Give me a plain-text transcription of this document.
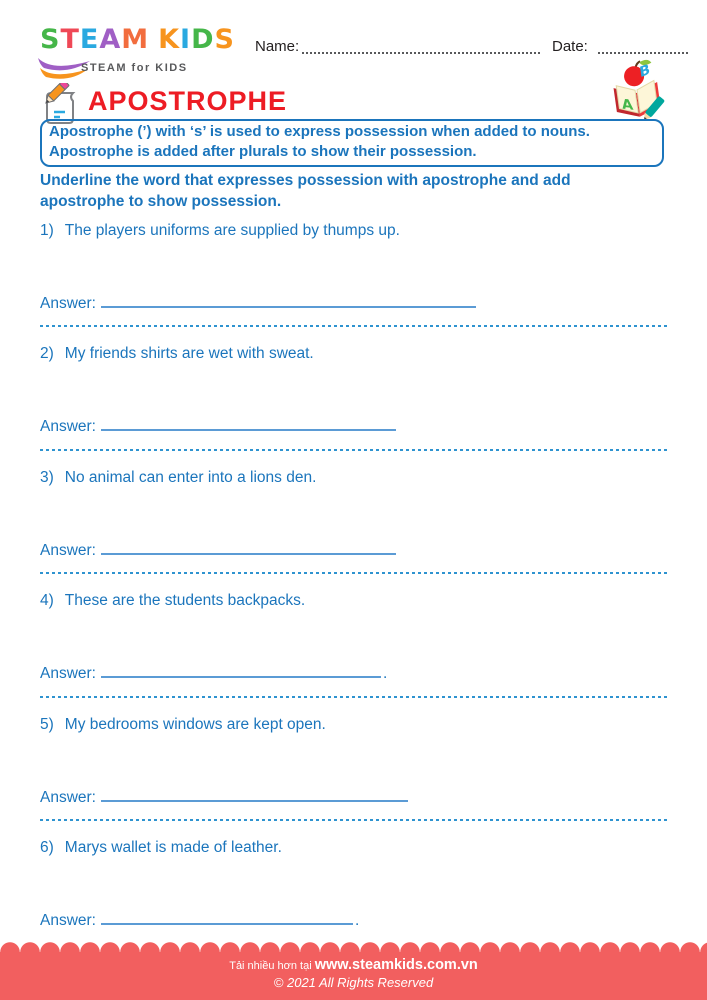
STEAM KIDS
STEAM for KIDS
Name:	Date:
A
B
APOSTROPHE
Apostrophe (’) with ‘s’ is used to express possession when added to nouns.
Apostrophe is added after plurals to show their possession.
Underline the word that expresses possession with apostrophe and add apostrophe to show possession.
1) The players uniforms are supplied by thumps up.
Answer:
2) My friends shirts are wet with sweat.
Answer:
3) No animal can enter into a lions den.
Answer:
4) These are the students backpacks.
Answer:	.
5) My bedrooms windows are kept open.
Answer:
6) Marys wallet is made of leather.
Answer:	.
Tải nhiều hơn tại www.steamkids.com.vn
© 2021 All Rights Reserved
